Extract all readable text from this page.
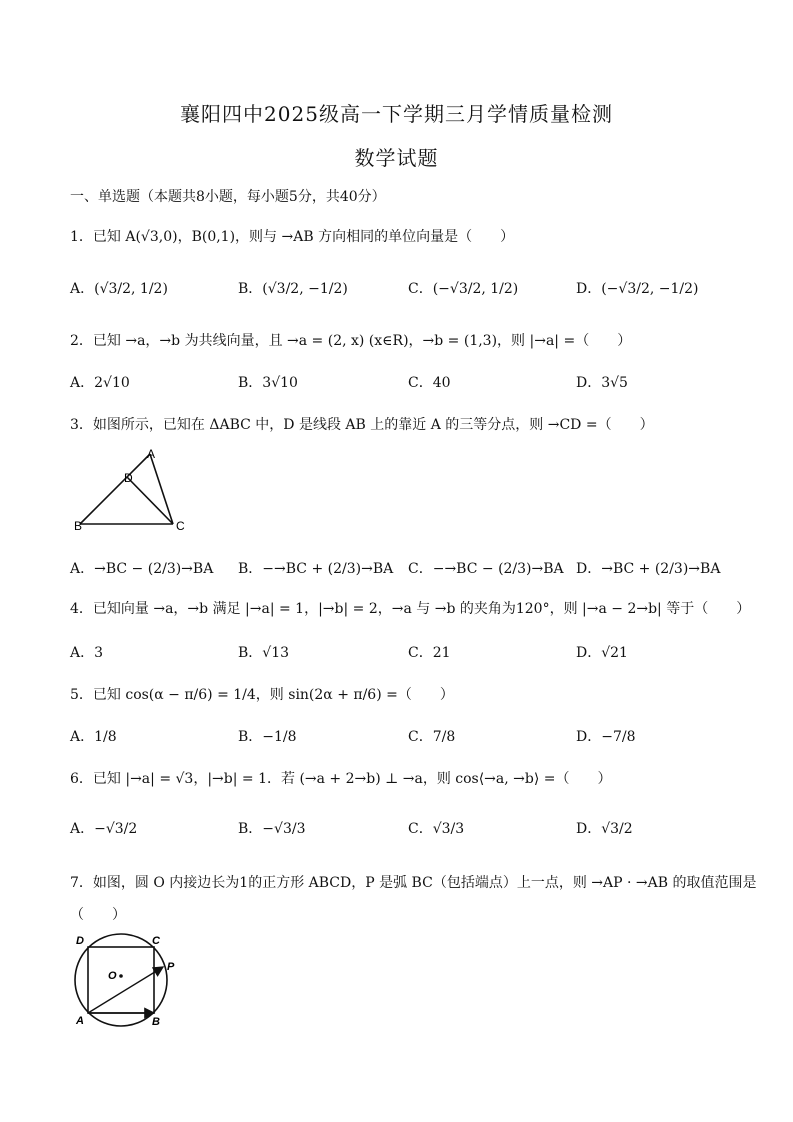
襄阳四中2025级高一下学期三月学情质量检测
数学试题
一、单选题（本题共8小题，每小题5分，共40分）
1．已知 A(√3,0)，B(0,1)，则与 →AB 方向相同的单位向量是（　　）
A．(√3/2, 1/2)	B．(√3/2, −1/2)	C．(−√3/2, 1/2)	D．(−√3/2, −1/2)
2．已知 →a，→b 为共线向量，且 →a = (2, x) (x∈R)，→b = (1,3)，则 |→a| =（　　）
A．2√10	B．3√10	C．40	D．3√5
3．如图所示，已知在 ΔABC 中，D 是线段 AB 上的靠近 A 的三等分点，则 →CD =（　　）
A
D
B	C
A．→BC − (2/3)→BA B．−→BC + (2/3)→BA C．−→BC − (2/3)→BA D．→BC + (2/3)→BA
4．已知向量 →a，→b 满足 |→a| = 1，|→b| = 2，→a 与 →b 的夹角为120°，则 |→a − 2→b| 等于（　　）
A．3	B．√13	C．21	D．√21
5．已知 cos(α − π/6) = 1/4，则 sin(2α + π/6) =（　　）
A．1/8	B．−1/8	C．7/8	D．−7/8
6．已知 |→a| = √3，|→b| = 1．若 (→a + 2→b) ⊥ →a，则 cos⟨→a, →b⟩ =（　　）
A．−√3/2	B．−√3/3	C．√3/3	D．√3/2
7．如图，圆 O 内接边长为1的正方形 ABCD，P 是弧 BC（包括端点）上一点，则 →AP · →AB 的取值范围是
（　　）
D	C
O
P
A	B
